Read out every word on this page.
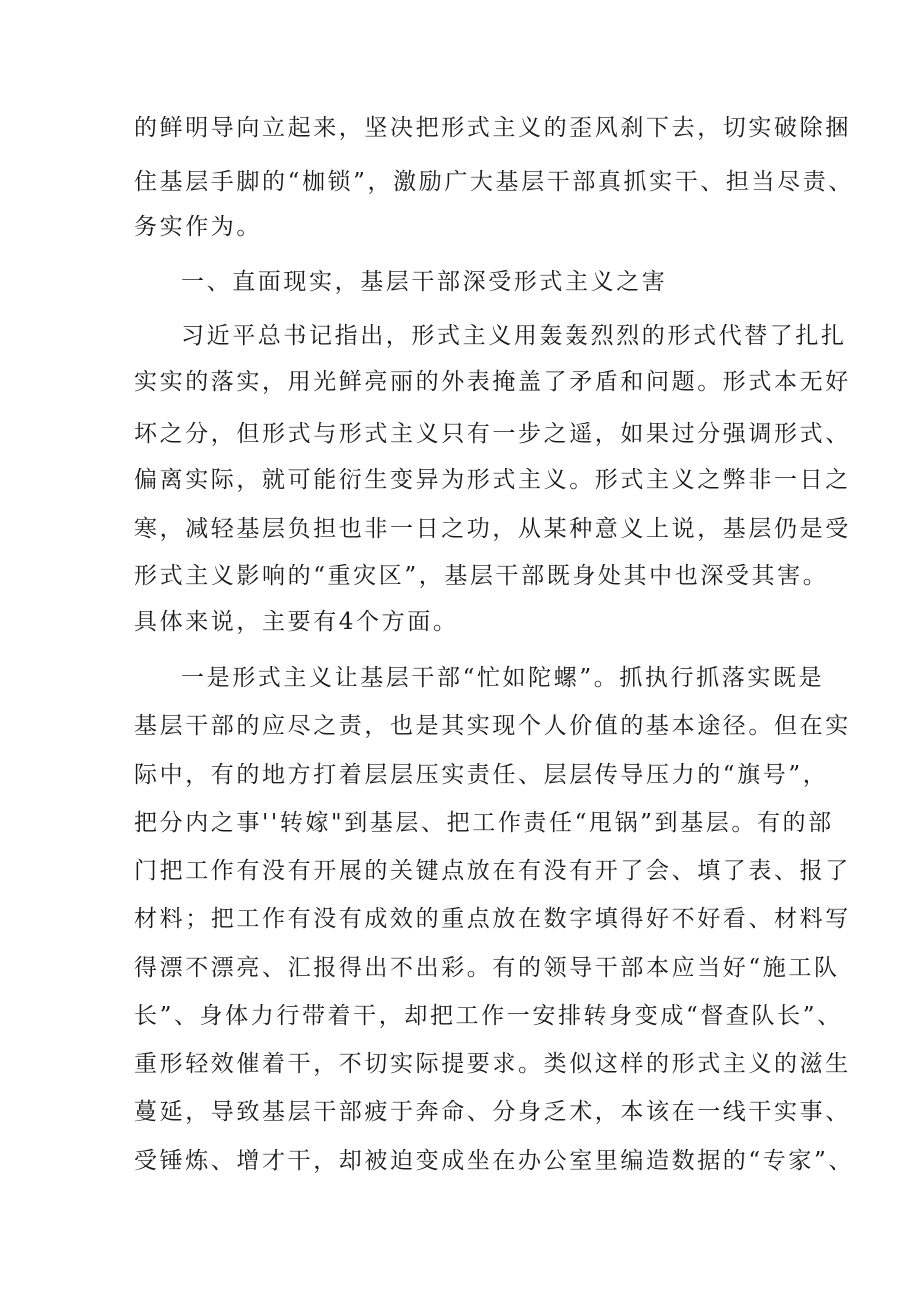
的鲜明导向立起来，坚决把形式主义的歪风刹下去，切实破除捆
住基层手脚的“枷锁”，激励广大基层干部真抓实干、担当尽责、
务实作为。
一、直面现实，基层干部深受形式主义之害
习近平总书记指出，形式主义用轰轰烈烈的形式代替了扎扎
实实的落实，用光鲜亮丽的外表掩盖了矛盾和问题。形式本无好
坏之分，但形式与形式主义只有一步之遥，如果过分强调形式、
偏离实际，就可能衍生变异为形式主义。形式主义之弊非一日之
寒，减轻基层负担也非一日之功，从某种意义上说，基层仍是受
形式主义影响的“重灾区”，基层干部既身处其中也深受其害。
具体来说，主要有4个方面。
一是形式主义让基层干部“忙如陀螺”。抓执行抓落实既是
基层干部的应尽之责，也是其实现个人价值的基本途径。但在实
际中，有的地方打着层层压实责任、层层传导压力的“旗号”，
把分内之事''转嫁"到基层、把工作责任“甩锅”到基层。有的部
门把工作有没有开展的关键点放在有没有开了会、填了表、报了
材料；把工作有没有成效的重点放在数字填得好不好看、材料写
得漂不漂亮、汇报得出不出彩。有的领导干部本应当好“施工队
长”、身体力行带着干，却把工作一安排转身变成“督查队长”、
重形轻效催着干，不切实际提要求。类似这样的形式主义的滋生
蔓延，导致基层干部疲于奔命、分身乏术，本该在一线干实事、
受锤炼、增才干，却被迫变成坐在办公室里编造数据的“专家”、
